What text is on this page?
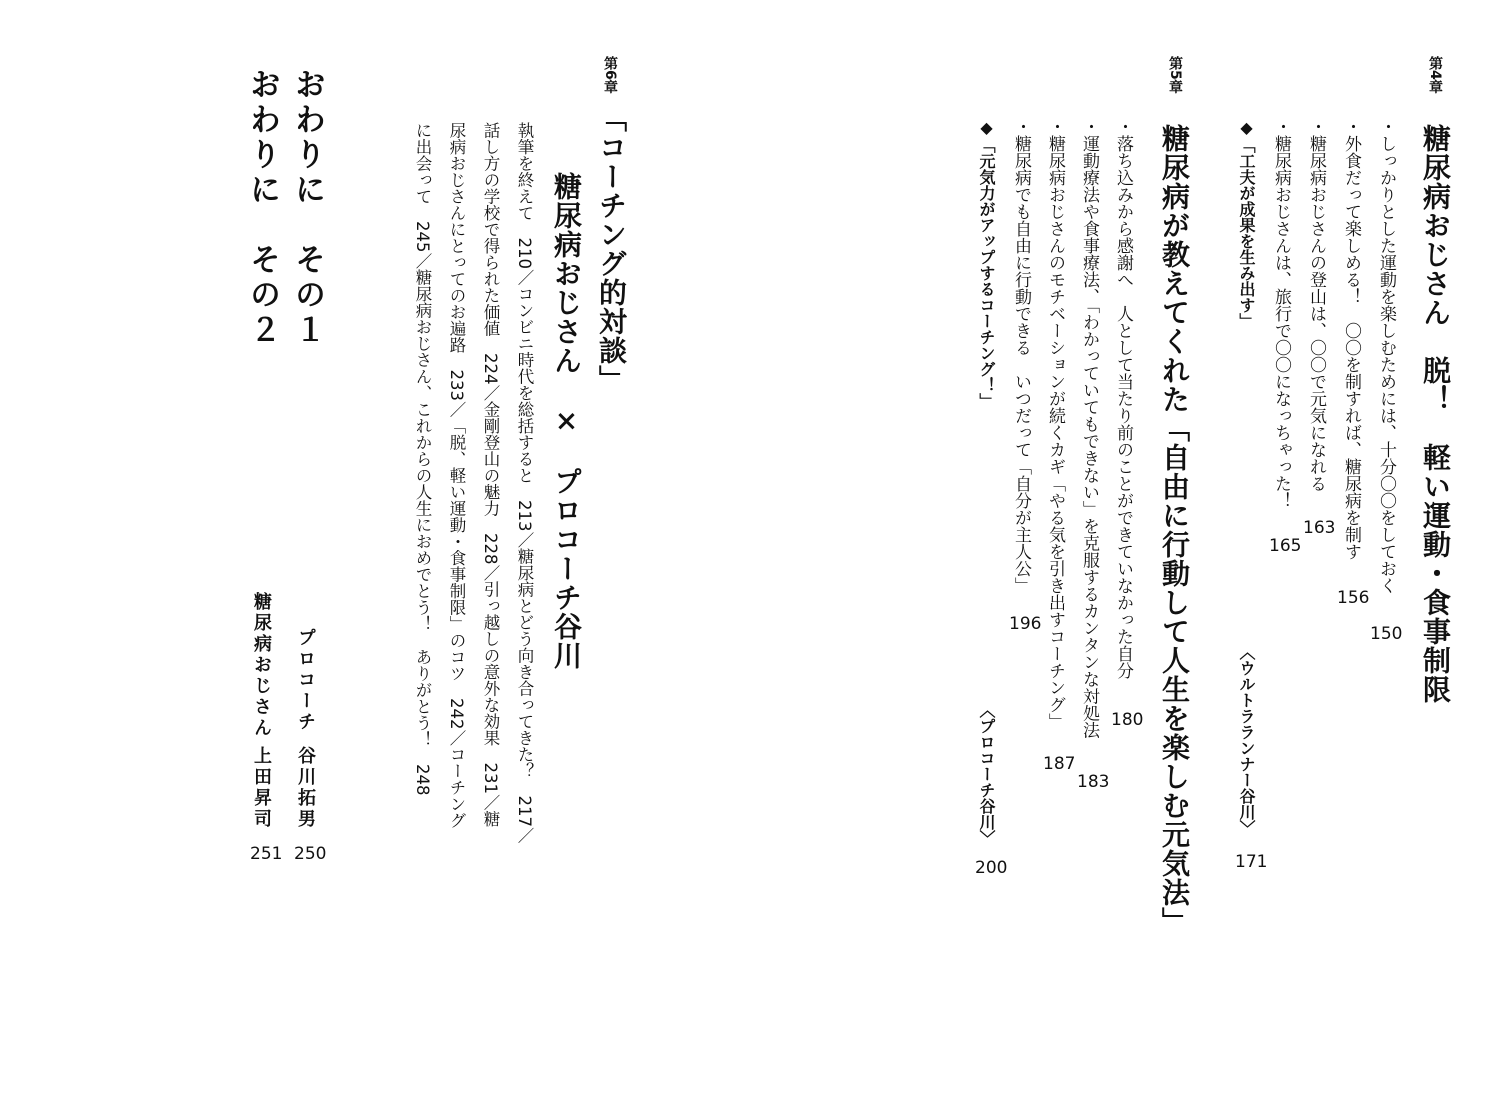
第4章
糖尿病おじさん　脱！　軽い運動・食事制限
・しっかりとした運動を楽しむためには、十分〇〇をしておく
150
・外食だって楽しめる！　〇〇を制すれば、糖尿病を制す
156
・糖尿病おじさんの登山は、〇〇で元気になれる
163
・糖尿病おじさんは、旅行で〇〇になっちゃった！
165
◆「工夫が成果を生み出す」
〈ウルトラランナー谷川〉
171
第5章
糖尿病が教えてくれた「自由に行動して人生を楽しむ元気法」
・落ち込みから感謝へ　人として当たり前のことができていなかった自分
180
・運動療法や食事療法、「わかっていてもできない」を克服するカンタンな対処法
183
・糖尿病おじさんのモチベーションが続くカギ「やる気を引き出すコーチング」
187
・糖尿病でも自由に行動できる　いつだって「自分が主人公」
196
◆「元気力がアップするコーチング！」
〈プロコーチ谷川〉
200
第6章
「コーチング的対談」
糖尿病おじさん　×　プロコーチ谷川
執筆を終えて　210／コンビニ時代を総括すると　213／糖尿病とどう向き合ってきた？　217／
話し方の学校で得られた価値　224／金剛登山の魅力　228／引っ越しの意外な効果　231／糖
尿病おじさんにとってのお遍路　233／「脱、軽い運動・食事制限」のコツ　242／コーチング
に出会って　245／糖尿病おじさん、これからの人生におめでとう！　ありがとう！　248
おわりに　その１
プロコーチ
谷川拓男
250
おわりに　その２
糖尿病おじさん
上田昇司
251
